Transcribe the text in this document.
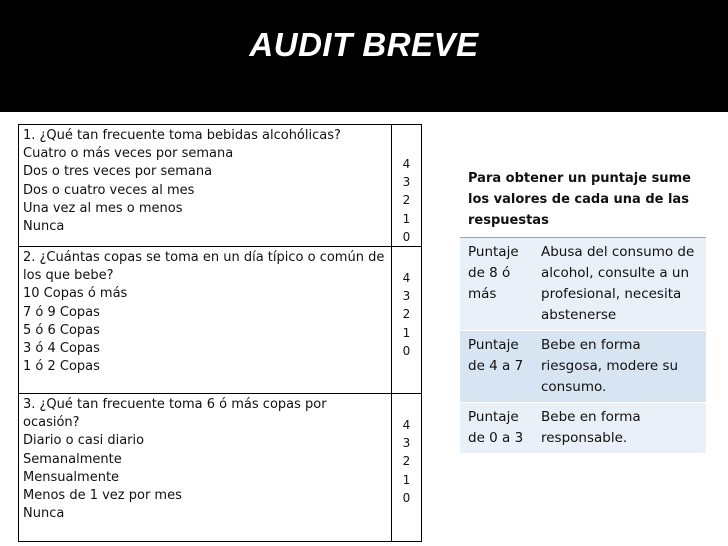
AUDIT BREVE
1. ¿Qué tan frecuente toma bebidas alcohólicas?
Cuatro o más veces por semana
Dos o tres veces por semana
Dos o cuatro veces al mes
Una vez al mes o menos
Nunca
4
3
2
1
0
2. ¿Cuántas copas se toma en un día típico o común de los que bebe?
10 Copas ó más
7 ó 9 Copas
5 ó 6 Copas
3 ó 4 Copas
1 ó 2 Copas
4
3
2
1
0
3. ¿Qué tan frecuente toma 6 ó más copas por ocasión?
Diario o casi diario
Semanalmente
Mensualmente
Menos de 1 vez por mes
Nunca
4
3
2
1
0
Para obtener un puntaje sume los valores de cada una de las respuestas
Puntaje de 8 ó más
Abusa del consumo de alcohol, consulte a un profesional, necesita abstenerse
Puntaje de 4 a 7
Bebe en forma riesgosa, modere su consumo.
Puntaje de 0 a 3
Bebe en forma responsable.
